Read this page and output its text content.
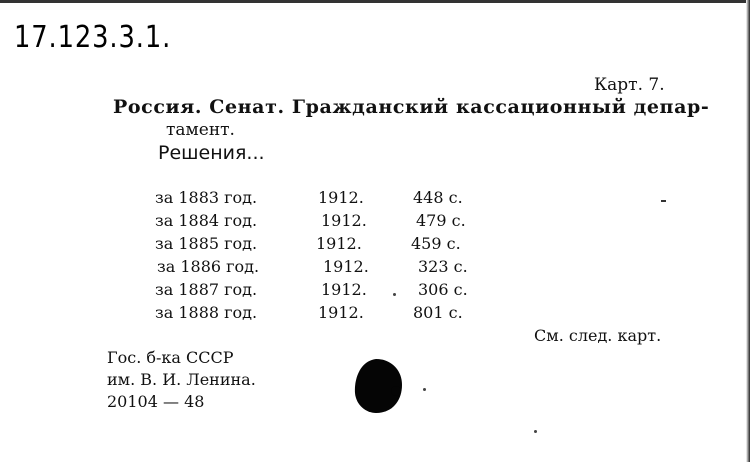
17.123.3.1.
Карт. 7.
Россия. Сенат. Гражданский кассационный депар-
тамент.
Решения...
за 1883 год.	1912.	448 с.
за 1884 год.	1912.	479 с.
за 1885 год.	1912.	459 с.
за 1886 год.	1912.	323 с.
за 1887 год.	1912.	306 с.
за 1888 год.	1912.	801 с.
См. след. карт.
Гос. б-ка СССР
им. В. И. Ленина.
20104 — 48
